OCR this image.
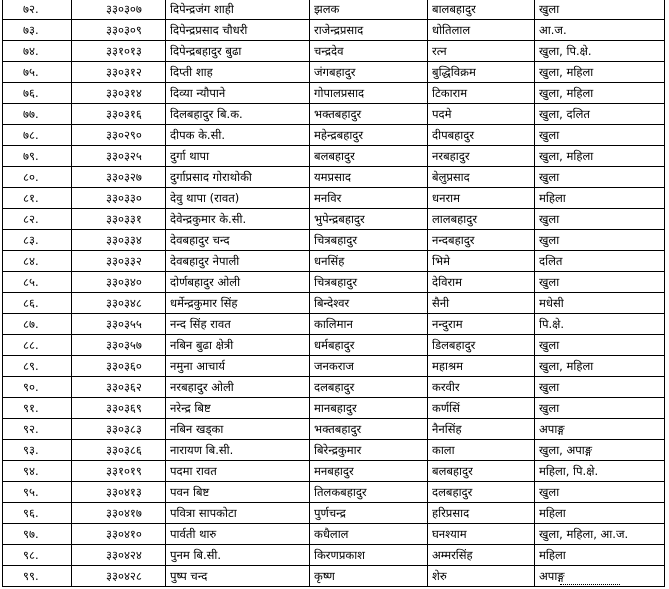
७२.	३३०३०७	दिपेन्द्रजंग शाही	झलक	बालबहादुर	खुला
७३.	३३०३०९	दिपेन्द्रप्रसाद चौधरी	राजेन्द्रप्रसाद	धोतिलाल	आ.ज.
७४.	३३१०१३	दिपेन्द्रबहादुर बुढा	चन्द्रदेव	रत्न	खुला, पि.क्षे.
७५.	३३०३१२	दिप्ती शाह	जंगबहादुर	बुद्धिविक्रम	खुला, महिला
७६.	३३०३१४	दिव्या न्यौपाने	गोपालप्रसाद	टिकाराम	खुला, महिला
७७.	३३०३१६	दिलबहादुर बि.क.	भक्तबहादुर	पदमे	खुला, दलित
७८.	३३०२९०	दीपक के.सी.	महेन्द्रबहादुर	दीपबहादुर	खुला
७९.	३३०३२५	दुर्गा थापा	बलबहादुर	नरबहादुर	खुला, महिला
८०.	३३०३२७	दुर्गाप्रसाद गोराथोकी	यमप्रसाद	बेलुप्रसाद	खुला
८१.	३३०३३०	देवु थापा (रावत)	मनविर	धनराम	महिला
८२.	३३०३३१	देवेन्द्रकुमार के.सी.	भुपेन्द्रबहादुर	लालबहादुर	खुला
८३.	३३०३३४	देवबहादुर चन्द	चित्रबहादुर	नन्दबहादुर	खुला
८४.	३३०३३२	देवबहादुर नेपाली	धनसिंह	भिमे	दलित
८५.	३३०३४०	दोर्णबहादुर ओली	चित्रबहादुर	देविराम	खुला
८६.	३३०३४८	धर्मेन्द्रकुमार सिंह	बिन्देश्वर	सैनी	मधेसी
८७.	३३०३५५	नन्द सिंह रावत	कालिमान	नन्दुराम	पि.क्षे.
८८.	३३०३५७	नबिन बुढा क्षेत्री	धर्मबहादुर	डिलबहादुर	खुला
८९.	३३०३६०	नमुना आचार्य	जनकराज	महाश्रम	खुला, महिला
९०.	३३०३६२	नरबहादुर ओली	दलबहादुर	करवीर	खुला
९१.	३३०३६९	नरेन्द्र बिष्ट	मानबहादुर	कर्णसिं	खुला
९२.	३३०३८३	नबिन खड्का	भक्तबहादुर	नैनसिंह	अपाङ्ग
९३.	३३०३८६	नारायण बि.सी.	बिरेन्द्रकुमार	काला	खुला, अपाङ्ग
९४.	३३१०१९	पदमा रावत	मनबहादुर	बलबहादुर	महिला, पि.क्षे.
९५.	३३०४१३	पवन बिष्ट	तिलकबहादुर	दलबहादुर	खुला
९६.	३३०४१७	पवित्रा सापकोटा	पुर्णचन्द्र	हरिप्रसाद	महिला
९७.	३३०४१०	पार्वती थारु	कधैलाल	घनश्याम	खुला, महिला, आ.ज.
९८.	३३०४२४	पुनम बि.सी.	किरणप्रकाश	अम्मरसिंह	महिला
९९.	३३०४२८	पुष्प चन्द	कृष्ण	शेरु	अपाङ्ग
